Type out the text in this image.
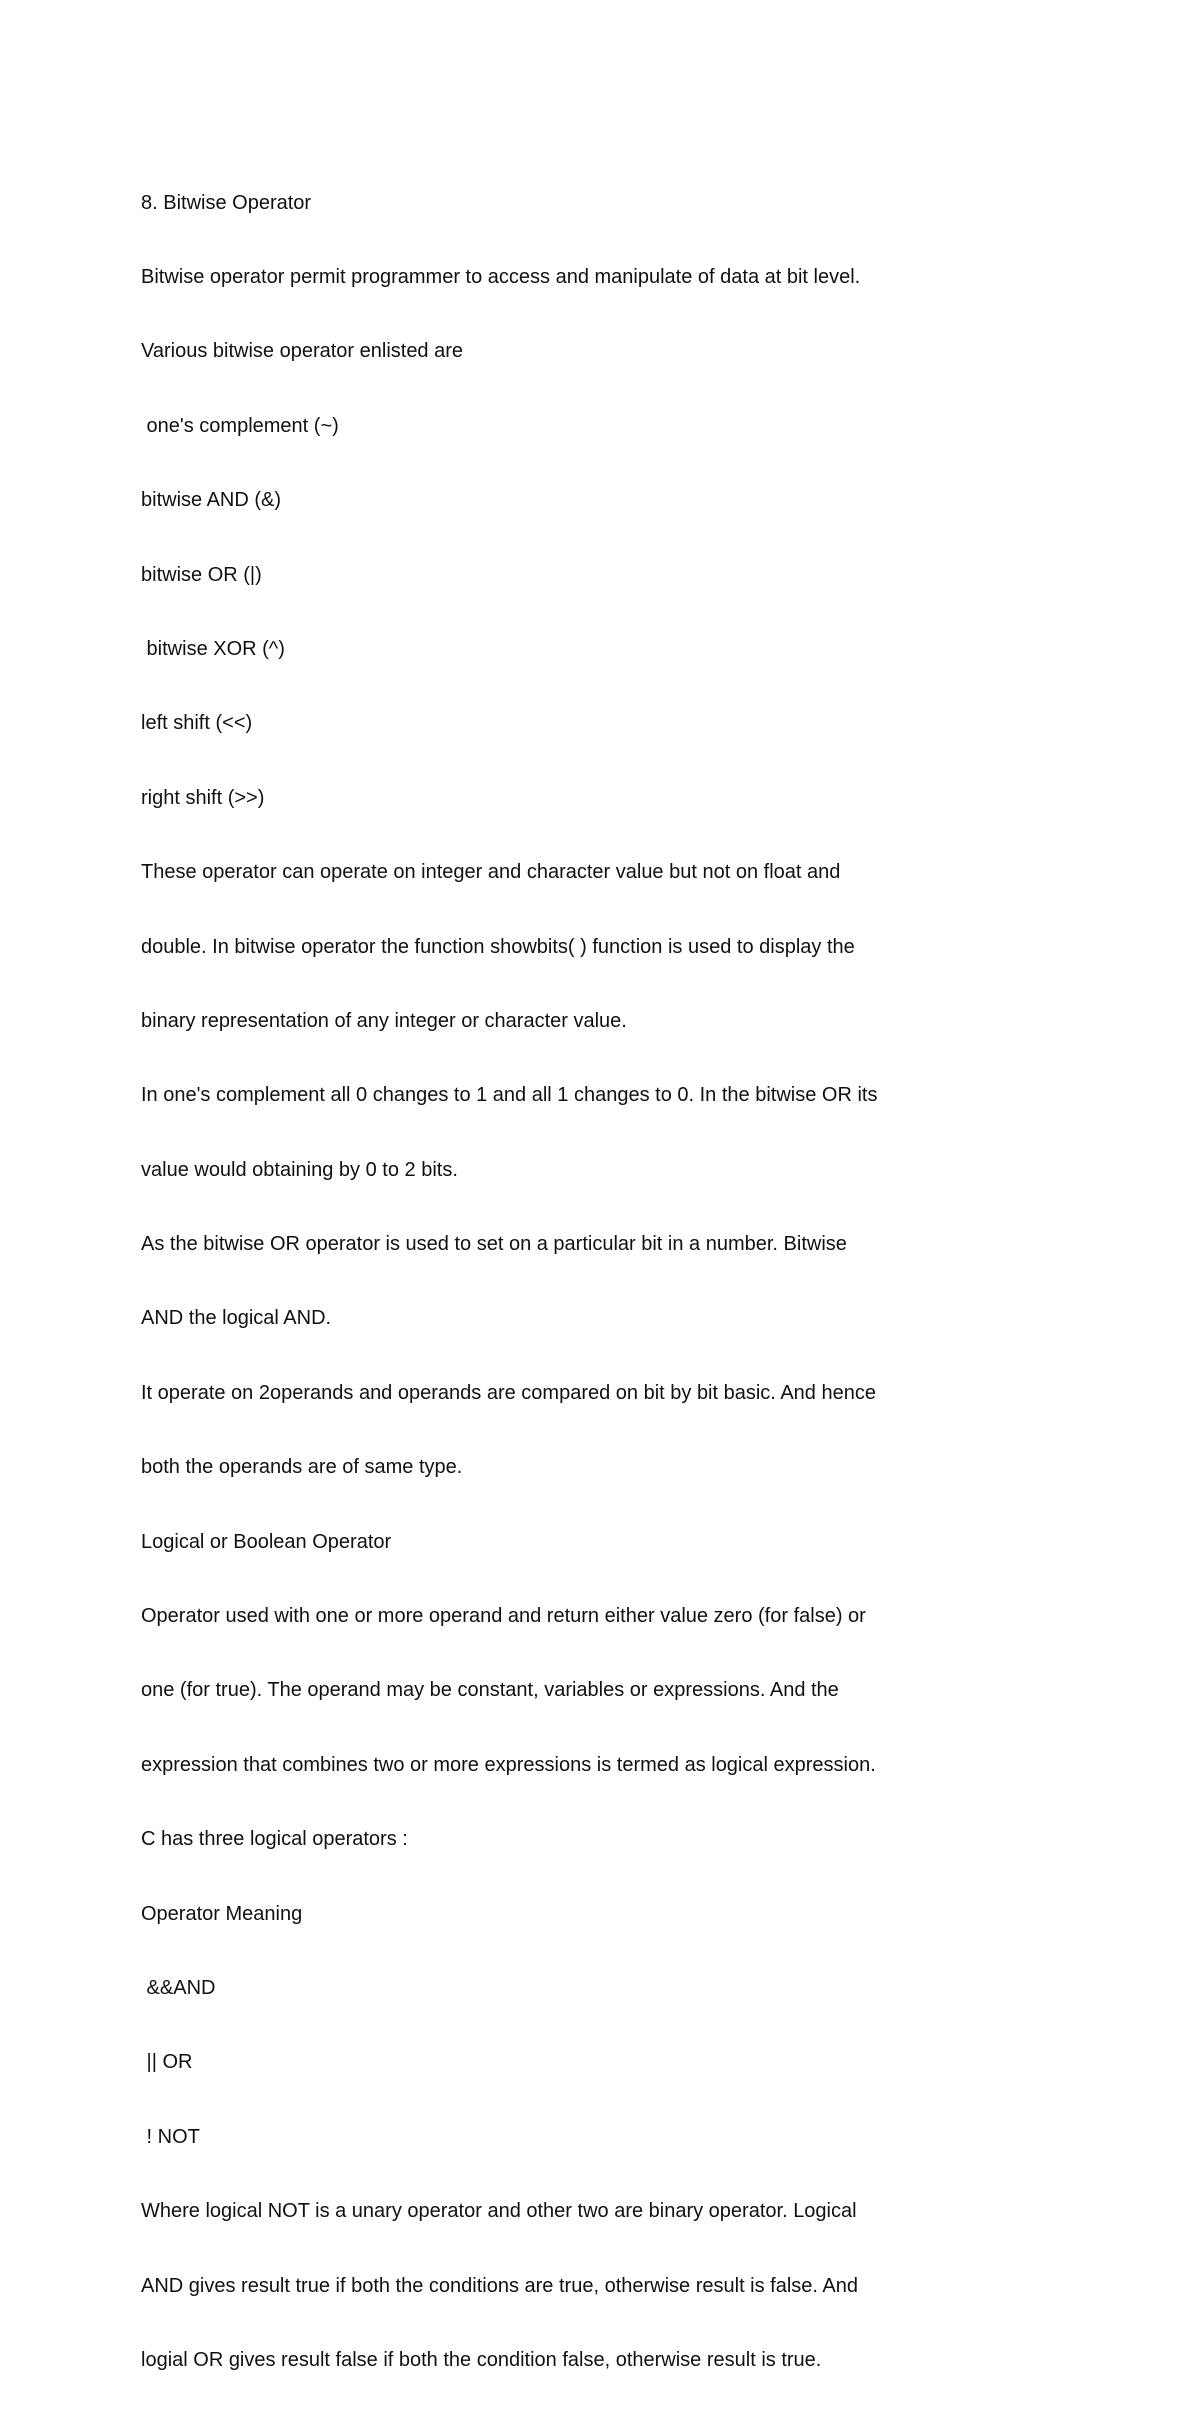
8. Bitwise Operator

Bitwise operator permit programmer to access and manipulate of data at bit level.

Various bitwise operator enlisted are

one's complement (~)

bitwise AND (&)

bitwise OR (|)

bitwise XOR (^)

left shift (<<)

right shift (>>)

These operator can operate on integer and character value but not on float and

double. In bitwise operator the function showbits( ) function is used to display the

binary representation of any integer or character value.

In one's complement all 0 changes to 1 and all 1 changes to 0. In the bitwise OR its

value would obtaining by 0 to 2 bits.

As the bitwise OR operator is used to set on a particular bit in a number. Bitwise

AND the logical AND.

It operate on 2operands and operands are compared on bit by bit basic. And hence

both the operands are of same type.

Logical or Boolean Operator

Operator used with one or more operand and return either value zero (for false) or

one (for true). The operand may be constant, variables or expressions. And the

expression that combines two or more expressions is termed as logical expression.

C has three logical operators :

Operator Meaning

&&AND

|| OR

! NOT

Where logical NOT is a unary operator and other two are binary operator. Logical

AND gives result true if both the conditions are true, otherwise result is false. And

logial OR gives result false if both the condition false, otherwise result is true.
